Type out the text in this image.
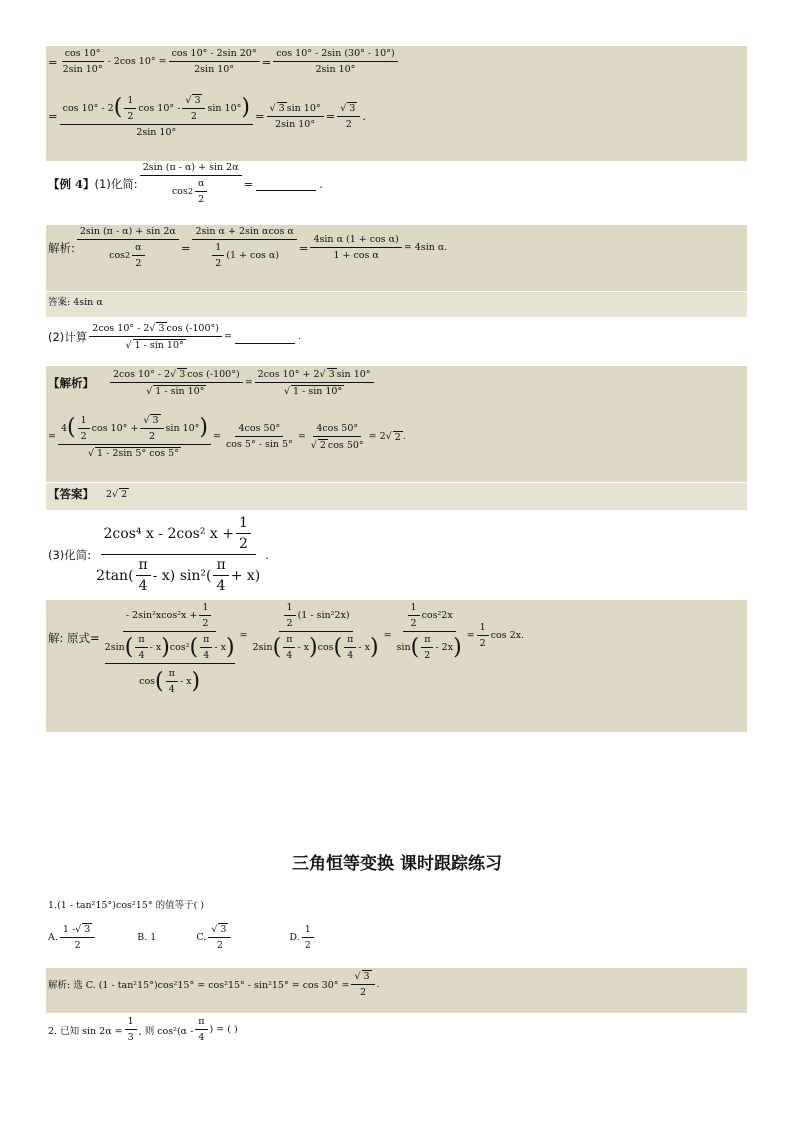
= $\frac{\cos 10^\circ}{2\sin 10^\circ} - 2\cos$ $10^\circ = \frac{\cos 10^\circ - 2\sin 20^\circ}{2\sin 10^\circ} = \frac{\cos 10^\circ - 2\sin (30^\circ - 10^\circ)}{2\sin 10^\circ}$
=
cos 10° - 2 ( $\frac{1}{2}$ $\cos 10^\circ - \frac{√ 3}{2}$ sin 10° )
2sin 10°
= $\frac{√ 3 \sin 10^\circ}{2\sin 10^\circ} = \frac{√ 3}{2}$ .
【例 4】 (1)化简: $\frac{2\sin (\pi - \alpha) + \sin 2\alpha}{\cos 2 \frac{\alpha}{2}}$ =	.
解析: $\frac{2\sin (\pi - \alpha) + \sin 2\alpha}{\cos 2 \frac{\alpha}{2}} = \frac{\text{2sin α + 2sin αcos α}}{\frac{1}{2} (1 + \cos \alpha)} = \frac{\text{4sin α (1 + cos α)}}{\text{1 + cos α}} = 4\sin$ α.
答案: 4sin α
(2)计算 $\frac{2\cos 10^\circ - 2√ 3 \cos (-100^\circ)}{√ 1 - \sin 10^\circ}$ =	.
【解析】 $\frac{2\cos 10^\circ - 2√ 3 \cos (-100^\circ)}{√ 1 - \sin 10^\circ} = \frac{2\cos 10^\circ + 2√ 3 \sin 10^\circ}{√ 1 - \sin 10^\circ}$
=
4 ( $\frac{1}{2}$ $\cos 10^\circ + \frac{√ 3}{2}$ sin 10° )
√ 1 - 2sin 5° cos 5°
= $\frac{4\cos 50^\circ}{\cos 5^\circ - \sin 5^\circ} = \frac{4\cos 50^\circ}{√ 2 \cos 50^\circ} = 2$ √ 2 .
【答案】 2 √ 2
(3)化简: $\frac{2\cos^4 x - 2\cos^2 x + \frac{1}{2}}{2\tan( \frac{\pi}{4} - x) \sin^2( \frac{\pi}{4} + x)}$ .
解: 原式=
- $2\sin^2xcos^2x + \frac{1}{2}$
2sin ( $\frac{\pi}{4}$ - x ) cos² ( $\frac{\pi}{4}$ - x )
cos ( $\frac{\pi}{4}$ - x )
=
$\frac{1}{2} (1 - \sin^22x)$
2sin ( $\frac{\pi}{4}$ - x ) cos ( $\frac{\pi}{4}$ - x ) = $\frac{\frac{1}{2} \cos^22x}{\sin ( \frac{\pi}{2} - 2x )} = \frac{1}{2}$ cos 2x.
三角恒等变换 课时跟踪练习
1.(1 - tan²15°)cos²15° 的值等于( )
A. $\frac{1 -√ 3}{2}$	B. 1	C. $\frac{√ 3}{2}$	D. $\frac{1}{2}$
解析: 选 C. $(1 - \tan^215^\circ)\cos^215^\circ = \cos^215^\circ - \sin^215^\circ = \cos 30^\circ = \frac{√ 3}{2}$ .
2. 已知 $\sin 2\alpha = \frac{1}{3}$ , 则 $\cos^2(\alpha - \frac{\pi}{4}$ ) = ( )
